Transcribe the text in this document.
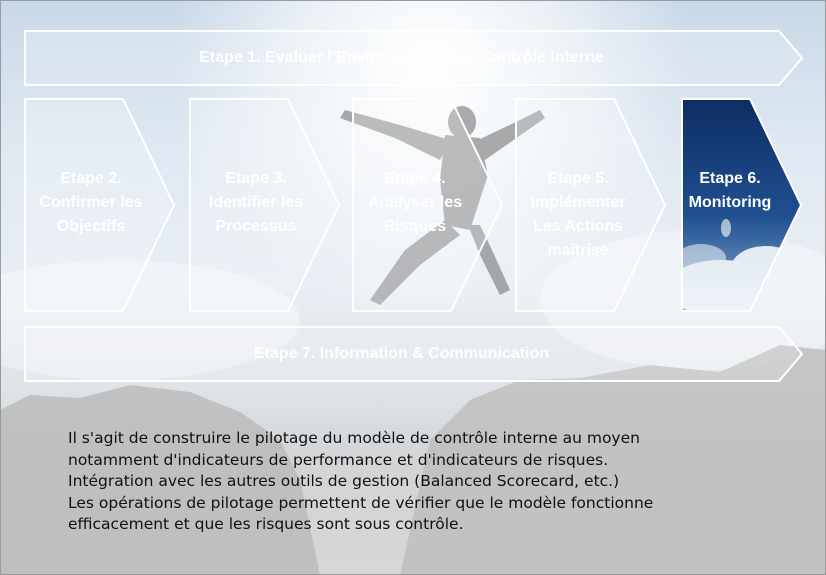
Etape 1. Evaluer l’Environnement de Contrôle interne
Etape 2.
Confirmer les
Objectifs
Etape 3.
Identifier les
Processus
Etape 4.
Analyser les
Risques
Etape 5.
Implémenter
Les Actions
maîtrise
Etape 6.
Monitoring
Etape 7. Information & Communication
Il s'agit de construire le pilotage du modèle de contrôle interne au moyen
notamment d'indicateurs de performance et d'indicateurs de risques.
Intégration avec les autres outils de gestion (Balanced Scorecard, etc.)
Les opérations de pilotage permettent de vérifier que le modèle fonctionne
efficacement et que les risques sont sous contrôle.
